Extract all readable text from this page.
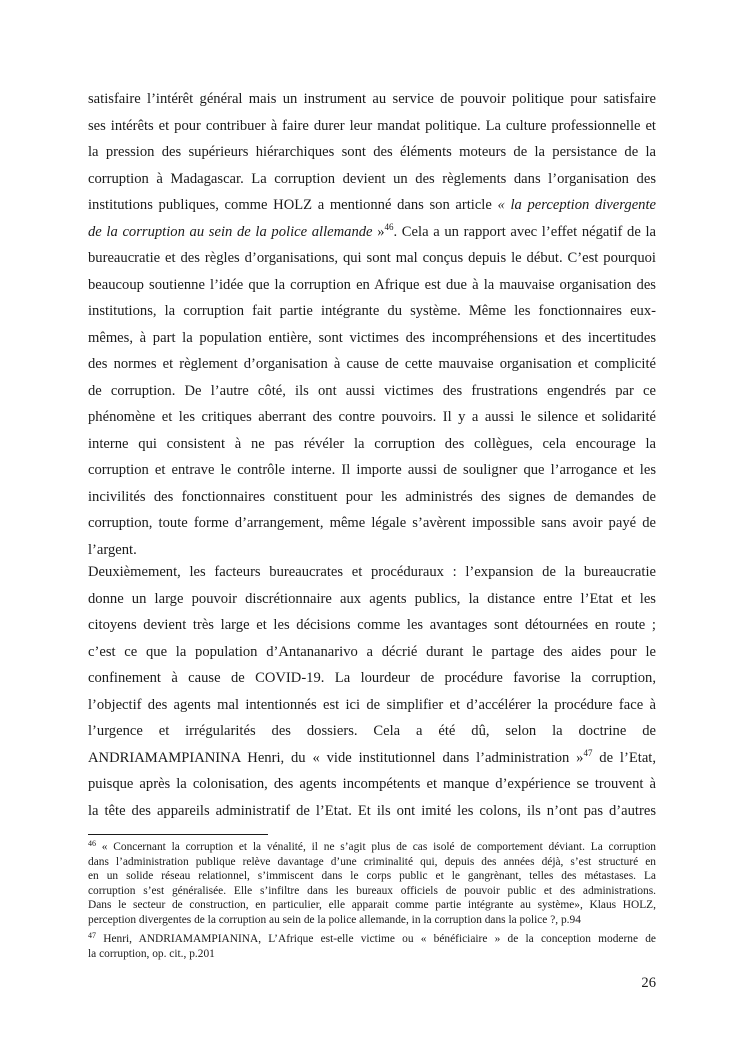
satisfaire l’intérêt général mais un instrument au service de pouvoir politique pour satisfaire
ses intérêts et pour contribuer à faire durer leur mandat politique. La culture professionnelle et
la pression des supérieurs hiérarchiques sont des éléments moteurs de la persistance de la
corruption à Madagascar. La corruption devient un des règlements dans l’organisation des
institutions publiques, comme HOLZ a mentionné dans son article « la perception divergente
de la corruption au sein de la police allemande »$^{46}$. Cela a un rapport avec l’effet négatif de la
bureaucratie et des règles d’organisations, qui sont mal conçus depuis le début. C’est pourquoi
beaucoup soutienne l’idée que la corruption en Afrique est due à la mauvaise organisation des
institutions, la corruption fait partie intégrante du système. Même les fonctionnaires eux-
mêmes, à part la population entière, sont victimes des incompréhensions et des incertitudes
des normes et règlement d’organisation à cause de cette mauvaise organisation et complicité
de corruption. De l’autre côté, ils ont aussi victimes des frustrations engendrés par ce
phénomène et les critiques aberrant des contre pouvoirs. Il y a aussi le silence et solidarité
interne qui consistent à ne pas révéler la corruption des collègues, cela encourage la
corruption et entrave le contrôle interne. Il importe aussi de souligner que l’arrogance et les
incivilités des fonctionnaires constituent pour les administrés des signes de demandes de
corruption, toute forme d’arrangement, même légale s’avèrent impossible sans avoir payé de
l’argent.
Deuxièmement, les facteurs bureaucrates et procéduraux : l’expansion de la bureaucratie
donne un large pouvoir discrétionnaire aux agents publics, la distance entre l’Etat et les
citoyens devient très large et les décisions comme les avantages sont détournées en route ;
c’est ce que la population d’Antananarivo a décrié durant le partage des aides pour le
confinement à cause de COVID-19. La lourdeur de procédure favorise la corruption,
l’objectif des agents mal intentionnés est ici de simplifier et d’accélérer la procédure face à
l’urgence et irrégularités des dossiers. Cela a été dû, selon la doctrine de
ANDRIAMAMPIANINA Henri, du « vide institutionnel dans l’administration »$^{47}$ de l’Etat,
puisque après la colonisation, des agents incompétents et manque d’expérience se trouvent à
la tête des appareils administratif de l’Etat. Et ils ont imité les colons, ils n’ont pas d’autres
$^{46}$ « Concernant la corruption et la vénalité, il ne s’agit plus de cas isolé de comportement déviant. La corruption
dans l’administration publique relève davantage d’une criminalité qui, depuis des années déjà, s’est structuré en
en un solide réseau relationnel, s’immiscent dans le corps public et le gangrènant, telles des métastases. La
corruption s’est généralisée. Elle s’infiltre dans les bureaux officiels de pouvoir public et des administrations.
Dans le secteur de construction, en particulier, elle apparait comme partie intégrante au système», Klaus HOLZ,
perception divergentes de la corruption au sein de la police allemande, in la corruption dans la police ?, p.94
$^{47}$ Henri, ANDRIAMAMPIANINA, L’Afrique est-elle victime ou « bénéficiaire » de la conception moderne de
la corruption, op. cit., p.201
26
